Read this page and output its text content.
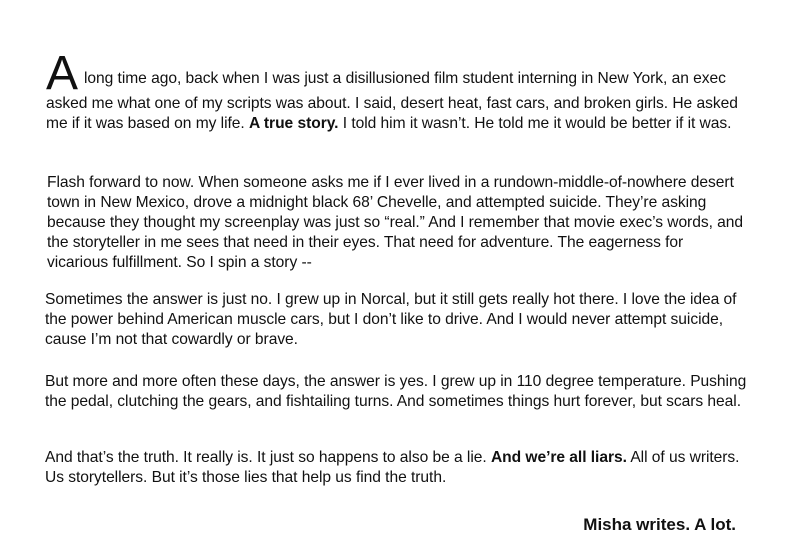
Along time ago, back when I was just a disillusioned film student interning in New York, an exec asked me what one of my scripts was about. I said, desert heat, fast cars, and broken girls. He asked me if it was based on my life. A true story. I told him it wasn’t. He told me it would be better if it was.

Flash forward to now. When someone asks me if I ever lived in a rundown-middle-of-nowhere desert town in New Mexico, drove a midnight black 68’ Chevelle, and attempted suicide. They’re asking because they thought my screenplay was just so “real.” And I remember that movie exec’s words, and the storyteller in me sees that need in their eyes. That need for adventure. The eagerness for vicarious fulfillment. So I spin a story --

Sometimes the answer is just no. I grew up in Norcal, but it still gets really hot there. I love the idea of the power behind American muscle cars, but I don’t like to drive. And I would never attempt suicide, cause I’m not that cowardly or brave.

But more and more often these days, the answer is yes. I grew up in 110 degree temperature. Pushing the pedal, clutching the gears, and fishtailing turns. And sometimes things hurt forever, but scars heal.

And that’s the truth. It really is. It just so happens to also be a lie. And we’re all liars. All of us writers. Us storytellers. But it’s those lies that help us find the truth.

Misha writes. A lot.
